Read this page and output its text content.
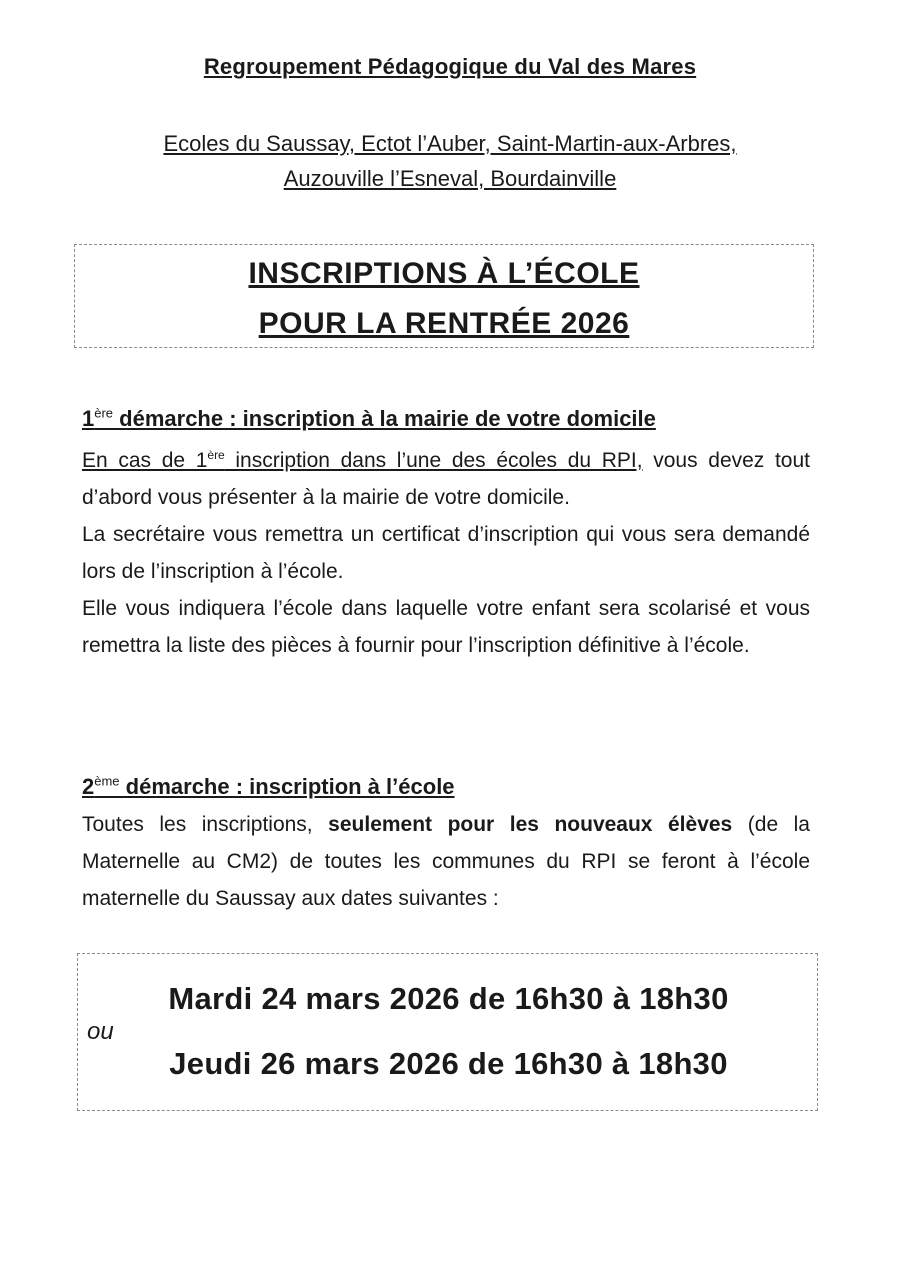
Regroupement Pédagogique du Val des Mares
Ecoles du Saussay, Ectot l’Auber, Saint-Martin-aux-Arbres,
Auzouville l’Esneval, Bourdainville
INSCRIPTIONS À L’ÉCOLE
POUR LA RENTRÉE 2026
1ère démarche : inscription à la mairie de votre domicile
En cas de 1ère inscription dans l’une des écoles du RPI, vous devez tout d’abord vous présenter à la mairie de votre domicile.
La secrétaire vous remettra un certificat d’inscription qui vous sera demandé lors de l’inscription à l’école.
Elle vous indiquera l’école dans laquelle votre enfant sera scolarisé et vous remettra la liste des pièces à fournir pour l’inscription définitive à l’école.
2ème démarche : inscription à l’école
Toutes les inscriptions, seulement pour les nouveaux élèves (de la Maternelle au CM2) de toutes les communes du RPI se feront à l’école maternelle du Saussay aux dates suivantes :
Mardi 24 mars 2026 de 16h30 à 18h30
ou
Jeudi 26 mars 2026 de 16h30 à 18h30
